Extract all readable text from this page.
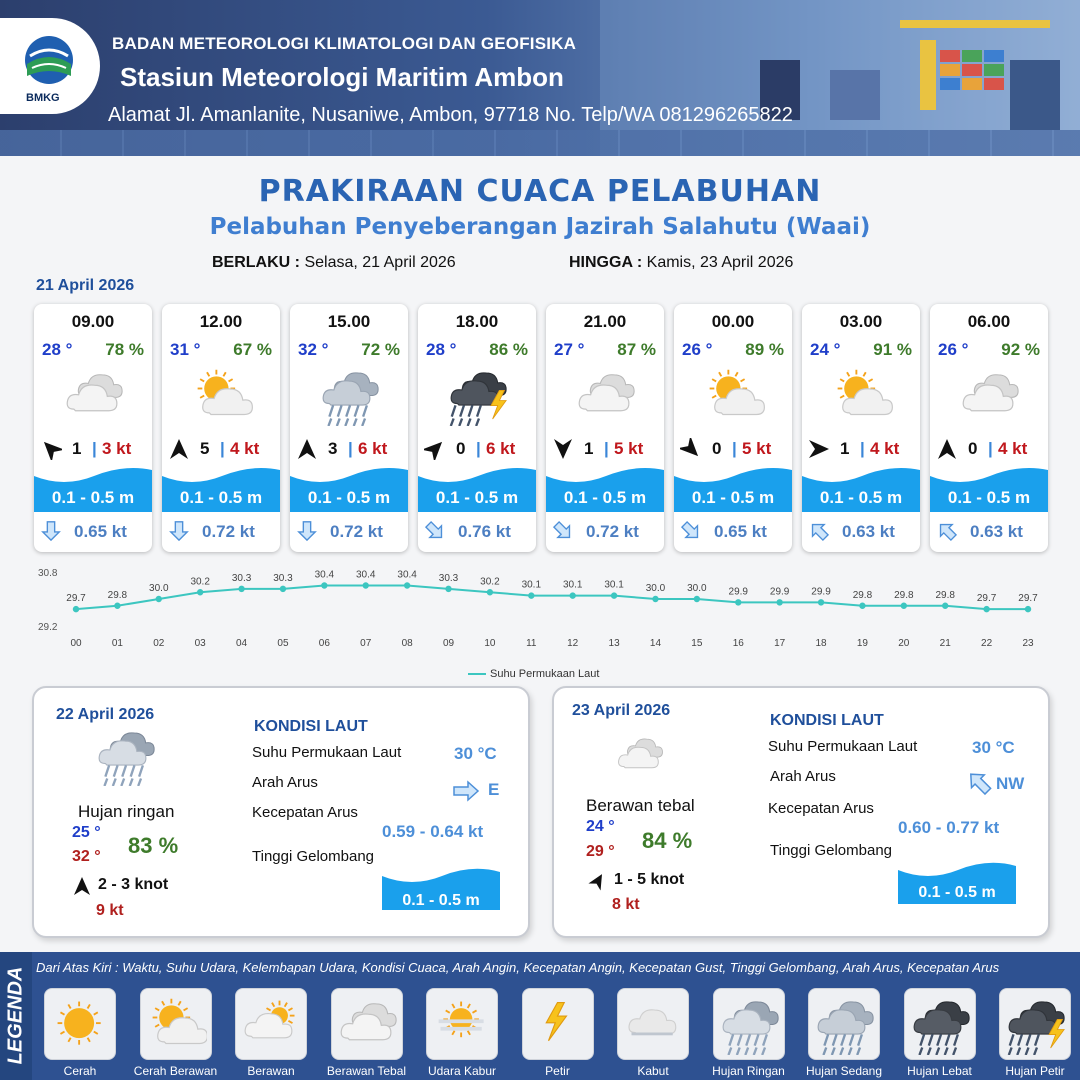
BMKG
BADAN METEOROLOGI KLIMATOLOGI DAN GEOFISIKA
Stasiun Meteorologi Maritim Ambon
Alamat Jl. Amanlanite, Nusaniwe, Ambon, 97718 No. Telp/WA 081296265822
PRAKIRAAN CUACA PELABUHAN
Pelabuhan Penyeberangan Jazirah Salahutu (Waai)
BERLAKU : Selasa, 21 April 2026	HINGGA : Kamis, 23 April 2026
21 April 2026
09.00
28 ° 78 %
1 | 3 kt
0.1 - 0.5 m
0.65 kt
12.00
31 ° 67 %
5 | 4 kt
0.1 - 0.5 m
0.72 kt
15.00
32 ° 72 %
3 | 6 kt
0.1 - 0.5 m
0.72 kt
18.00
28 ° 86 %
0 | 6 kt
0.1 - 0.5 m
0.76 kt
21.00
27 ° 87 %
1 | 5 kt
0.1 - 0.5 m
0.72 kt
00.00
26 ° 89 %
0 | 5 kt
0.1 - 0.5 m
0.65 kt
03.00
24 ° 91 %
1 | 4 kt
0.1 - 0.5 m
0.63 kt
06.00
26 ° 92 %
0 | 4 kt
0.1 - 0.5 m
0.63 kt
30.8
29.2
29.7
00
29.8
01
30.0
02
30.2
03
30.3
04
30.3
05
30.4
06
30.4
07
30.4
08
30.3
09
30.2
10
30.1
11
30.1
12
30.1
13
30.0
14
30.0
15
29.9
16
29.9
17
29.9
18
29.8
19
29.8
20
29.8
21
29.7
22
29.7
23
Suhu Permukaan Laut
22 April 2026
Hujan ringan
25 °
32 ° 83 %
2 - 3 knot
9 kt
KONDISI LAUT
Suhu Permukaan Laut	30 °C
Arah Arus	E
Kecepatan Arus
0.59 - 0.64 kt
Tinggi Gelombang
0.1 - 0.5 m
23 April 2026
Berawan tebal
24 °
29 ° 84 %
1 - 5 knot
8 kt
KONDISI LAUT
Suhu Permukaan Laut	30 °C
Arah Arus	NW
Kecepatan Arus
0.60 - 0.77 kt
Tinggi Gelombang
0.1 - 0.5 m
LEGENDA Dari Atas Kiri : Waktu, Suhu Udara, Kelembapan Udara, Kondisi Cuaca, Arah Angin, Kecepatan Angin, Kecepatan Gust, Tinggi Gelombang, Arah Arus, Kecepatan Arus
Cerah	Cerah Berawan	Berawan	Berawan Tebal	Udara Kabur	Petir	Kabut	Hujan Ringan	Hujan Sedang	Hujan Lebat	Hujan Petir
